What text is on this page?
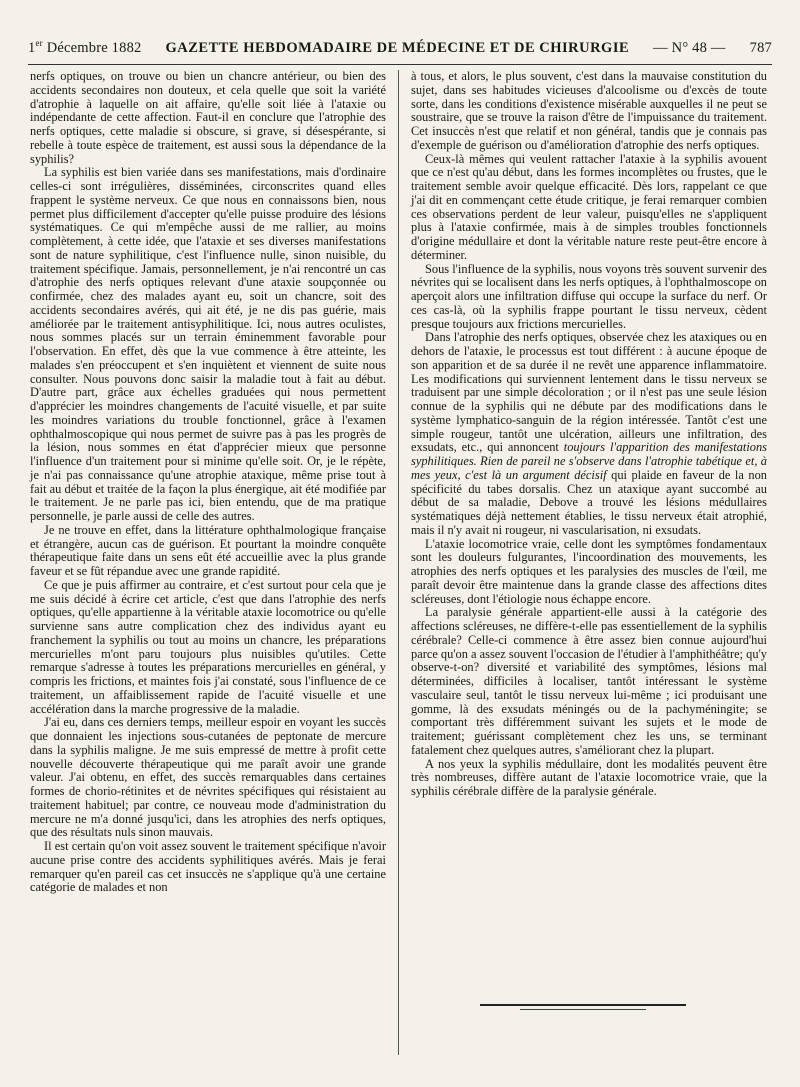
1er Décembre 1882 GAZETTE HEBDOMADAIRE DE MÉDECINE ET DE CHIRURGIE — N° 48 — 787

nerfs optiques, on trouve ou bien un chancre antérieur, ou bien des accidents secondaires non douteux, et cela quelle que soit la variété d'atrophie à laquelle on ait affaire, qu'elle soit liée à l'ataxie ou indépendante de cette affection. Faut-il en conclure que l'atrophie des nerfs optiques, cette maladie si obscure, si grave, si désespérante, si rebelle à toute espèce de traitement, est aussi sous la dépendance de la syphilis?

La syphilis est bien variée dans ses manifestations, mais d'ordinaire celles-ci sont irrégulières, disséminées, circonscrites quand elles frappent le système nerveux. Ce que nous en connaissons bien, nous permet plus difficilement d'accepter qu'elle puisse produire des lésions systématiques. Ce qui m'empêche aussi de me rallier, au moins complètement, à cette idée, que l'ataxie et ses diverses manifestations sont de nature syphilitique, c'est l'influence nulle, sinon nuisible, du traitement spécifique. Jamais, personnellement, je n'ai rencontré un cas d'atrophie des nerfs optiques relevant d'une ataxie soupçonnée ou confirmée, chez des malades ayant eu, soit un chancre, soit des accidents secondaires avérés, qui ait été, je ne dis pas guérie, mais améliorée par le traitement antisyphilitique. Ici, nous autres oculistes, nous sommes placés sur un terrain éminemment favorable pour l'observation. En effet, dès que la vue commence à être atteinte, les malades s'en préoccupent et s'en inquiètent et viennent de suite nous consulter. Nous pouvons donc saisir la maladie tout à fait au début. D'autre part, grâce aux échelles graduées qui nous permettent d'apprécier les moindres changements de l'acuité visuelle, et par suite les moindres variations du trouble fonctionnel, grâce à l'examen ophthalmoscopique qui nous permet de suivre pas à pas les progrès de la lésion, nous sommes en état d'apprécier mieux que personne l'influence d'un traitement pour si minime qu'elle soit. Or, je le répète, je n'ai pas connaissance qu'une atrophie ataxique, même prise tout à fait au début et traitée de la façon la plus énergique, ait été modifiée par le traitement. Je ne parle pas ici, bien entendu, que de ma pratique personnelle, je parle aussi de celle des autres.

Je ne trouve en effet, dans la littérature ophthalmologique française et étrangère, aucun cas de guérison. Et pourtant la moindre conquête thérapeutique faite dans un sens eût été accueillie avec la plus grande faveur et se fût répandue avec une grande rapidité.

Ce que je puis affirmer au contraire, et c'est surtout pour cela que je me suis décidé à écrire cet article, c'est que dans l'atrophie des nerfs optiques, qu'elle appartienne à la véritable ataxie locomotrice ou qu'elle survienne sans autre complication chez des individus ayant eu franchement la syphilis ou tout au moins un chancre, les préparations mercurielles m'ont paru toujours plus nuisibles qu'utiles. Cette remarque s'adresse à toutes les préparations mercurielles en général, y compris les frictions, et maintes fois j'ai constaté, sous l'influence de ce traitement, un affaiblissement rapide de l'acuité visuelle et une accélération dans la marche progressive de la maladie.

J'ai eu, dans ces derniers temps, meilleur espoir en voyant les succès que donnaient les injections sous-cutanées de peptonate de mercure dans la syphilis maligne. Je me suis empressé de mettre à profit cette nouvelle découverte thérapeutique qui me paraît avoir une grande valeur. J'ai obtenu, en effet, des succès remarquables dans certaines formes de chorio-rétinites et de névrites spécifiques qui résistaient au traitement habituel; par contre, ce nouveau mode d'administration du mercure ne m'a donné jusqu'ici, dans les atrophies des nerfs optiques, que des résultats nuls sinon mauvais.

Il est certain qu'on voit assez souvent le traitement spécifique n'avoir aucune prise contre des accidents syphilitiques avérés. Mais je ferai remarquer qu'en pareil cas cet insuccès ne s'applique qu'à une certaine catégorie de malades et non

à tous, et alors, le plus souvent, c'est dans la mauvaise constitution du sujet, dans ses habitudes vicieuses d'alcoolisme ou d'excès de toute sorte, dans les conditions d'existence misérable auxquelles il ne peut se soustraire, que se trouve la raison d'être de l'impuissance du traitement. Cet insuccès n'est que relatif et non général, tandis que je connais pas d'exemple de guérison ou d'amélioration d'atrophie des nerfs optiques.

Ceux-là mêmes qui veulent rattacher l'ataxie à la syphilis avouent que ce n'est qu'au début, dans les formes incomplètes ou frustes, que le traitement semble avoir quelque efficacité. Dès lors, rappelant ce que j'ai dit en commençant cette étude critique, je ferai remarquer combien ces observations perdent de leur valeur, puisqu'elles ne s'appliquent plus à l'ataxie confirmée, mais à de simples troubles fonctionnels d'origine médullaire et dont la véritable nature reste peut-être encore à déterminer.

Sous l'influence de la syphilis, nous voyons très souvent survenir des névrites qui se localisent dans les nerfs optiques, à l'ophthalmoscope on aperçoit alors une infiltration diffuse qui occupe la surface du nerf. Or ces cas-là, où la syphilis frappe pourtant le tissu nerveux, cèdent presque toujours aux frictions mercurielles.

Dans l'atrophie des nerfs optiques, observée chez les ataxiques ou en dehors de l'ataxie, le processus est tout différent : à aucune époque de son apparition et de sa durée il ne revêt une apparence inflammatoire. Les modifications qui surviennent lentement dans le tissu nerveux se traduisent par une simple décoloration ; or il n'est pas une seule lésion connue de la syphilis qui ne débute par des modifications dans le système lymphatico-sanguin de la région intéressée. Tantôt c'est une simple rougeur, tantôt une ulcération, ailleurs une infiltration, des exsudats, etc., qui annoncent toujours l'apparition des manifestations syphilitiques. Rien de pareil ne s'observe dans l'atrophie tabétique et, à mes yeux, c'est là un argument décisif qui plaide en faveur de la non spécificité du tabes dorsalis. Chez un ataxique ayant succombé au début de sa maladie, Debove a trouvé les lésions médullaires systématiques déjà nettement établies, le tissu nerveux était atrophié, mais il n'y avait ni rougeur, ni vascularisation, ni exsudats.

L'ataxie locomotrice vraie, celle dont les symptômes fondamentaux sont les douleurs fulgurantes, l'incoordination des mouvements, les atrophies des nerfs optiques et les paralysies des muscles de l'œil, me paraît devoir être maintenue dans la grande classe des affections dites scléreuses, dont l'étiologie nous échappe encore.

La paralysie générale appartient-elle aussi à la catégorie des affections scléreuses, ne diffère-t-elle pas essentiellement de la syphilis cérébrale? Celle-ci commence à être assez bien connue aujourd'hui parce qu'on a assez souvent l'occasion de l'étudier à l'amphithéâtre; qu'y observe-t-on? diversité et variabilité des symptômes, lésions mal déterminées, difficiles à localiser, tantôt intéressant le système vasculaire seul, tantôt le tissu nerveux lui-même ; ici produisant une gomme, là des exsudats méningés ou de la pachyméningite; se comportant très différemment suivant les sujets et le mode de traitement; guérissant complètement chez les uns, se terminant fatalement chez quelques autres, s'améliorant chez la plupart.

A nos yeux la syphilis médullaire, dont les modalités peuvent être très nombreuses, diffère autant de l'ataxie locomotrice vraie, que la syphilis cérébrale diffère de la paralysie générale.
